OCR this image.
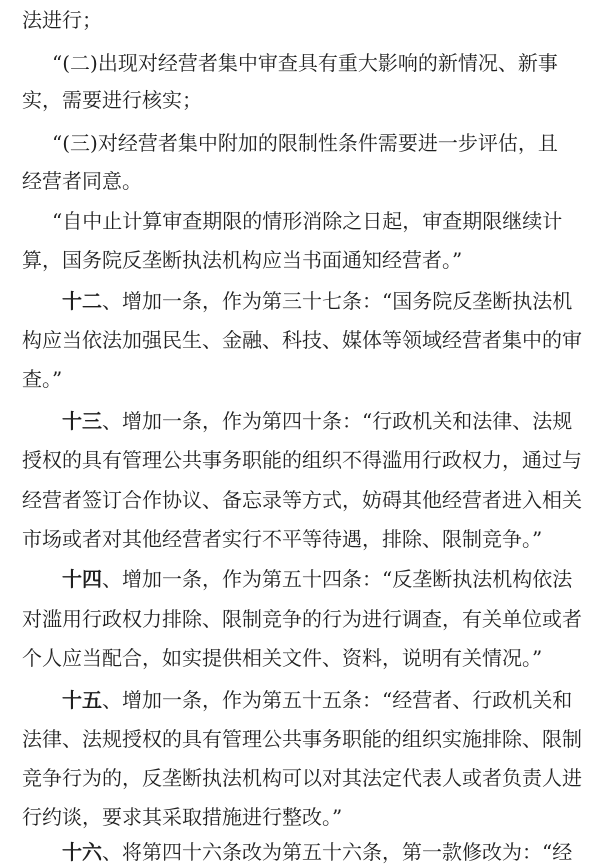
法进行；
“(二)出现对经营者集中审查具有重大影响的新情况、新事
实，需要进行核实；
“(三)对经营者集中附加的限制性条件需要进一步评估，且
经营者同意。
“自中止计算审查期限的情形消除之日起，审查期限继续计
算，国务院反垄断执法机构应当书面通知经营者。”
十二 、增加一条，作为第三十七条：“国务院反垄断执法机
构应当依法加强民生、金融、科技、媒体等领域经营者集中的审
查。”
十三 、增加一条，作为第四十条：“行政机关和法律、法规
授权的具有管理公共事务职能的组织不得滥用行政权力，通过与
经营者签订合作协议、备忘录等方式，妨碍其他经营者进入相关
市场或者对其他经营者实行不平等待遇，排除、限制竞争。”
十四 、增加一条，作为第五十四条：“反垄断执法机构依法
对滥用行政权力排除、限制竞争的行为进行调查，有关单位或者
个人应当配合，如实提供相关文件、资料，说明有关情况。”
十五 、增加一条，作为第五十五条：“经营者、行政机关和
法律、法规授权的具有管理公共事务职能的组织实施排除、限制
竞争行为的，反垄断执法机构可以对其法定代表人或者负责人进
行约谈，要求其采取措施进行整改。”
十六 、将第四十六条改为第五十六条，第一款修改为：“经
